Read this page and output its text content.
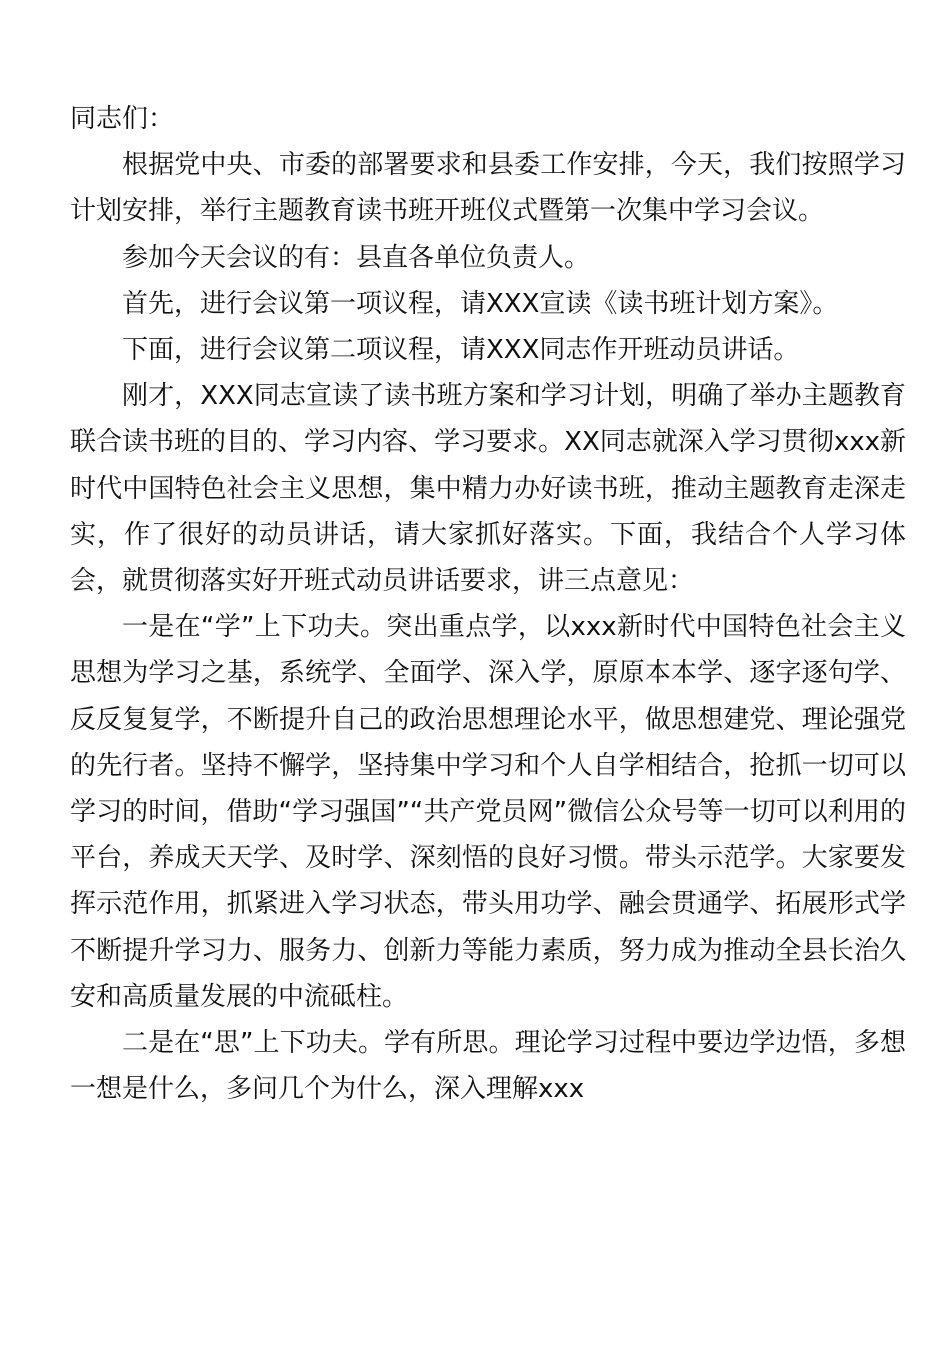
同志们：

根据党中央、市委的部署要求和县委工作安排，今天，我们按照学习计划安排，举行主题教育读书班开班仪式暨第一次集中学习会议。

参加今天会议的有：县直各单位负责人。

首先，进行会议第一项议程，请XXX宣读《读书班计划方案》。

下面，进行会议第二项议程，请XXX同志作开班动员讲话。

刚才，XXX同志宣读了读书班方案和学习计划，明确了举办主题教育联合读书班的目的、学习内容、学习要求。XX同志就深入学习贯彻xxx新时代中国特色社会主义思想，集中精力办好读书班，推动主题教育走深走实，作了很好的动员讲话，请大家抓好落实。下面，我结合个人学习体会，就贯彻落实好开班式动员讲话要求，讲三点意见：

一是在“学”上下功夫。突出重点学，以xxx新时代中国特色社会主义思想为学习之基，系统学、全面学、深入学，原原本本学、逐字逐句学、反反复复学，不断提升自己的政治思想理论水平，做思想建党、理论强党的先行者。坚持不懈学，坚持集中学习和个人自学相结合，抢抓一切可以学习的时间，借助“学习强国”“共产党员网”微信公众号等一切可以利用的平台，养成天天学、及时学、深刻悟的良好习惯。带头示范学。大家要发挥示范作用，抓紧进入学习状态，带头用功学、融会贯通学、拓展形式学不断提升学习力、服务力、创新力等能力素质，努力成为推动全县长治久安和高质量发展的中流砥柱。

二是在“思”上下功夫。学有所思。理论学习过程中要边学边悟，多想一想是什么，多问几个为什么，深入理解xxx
